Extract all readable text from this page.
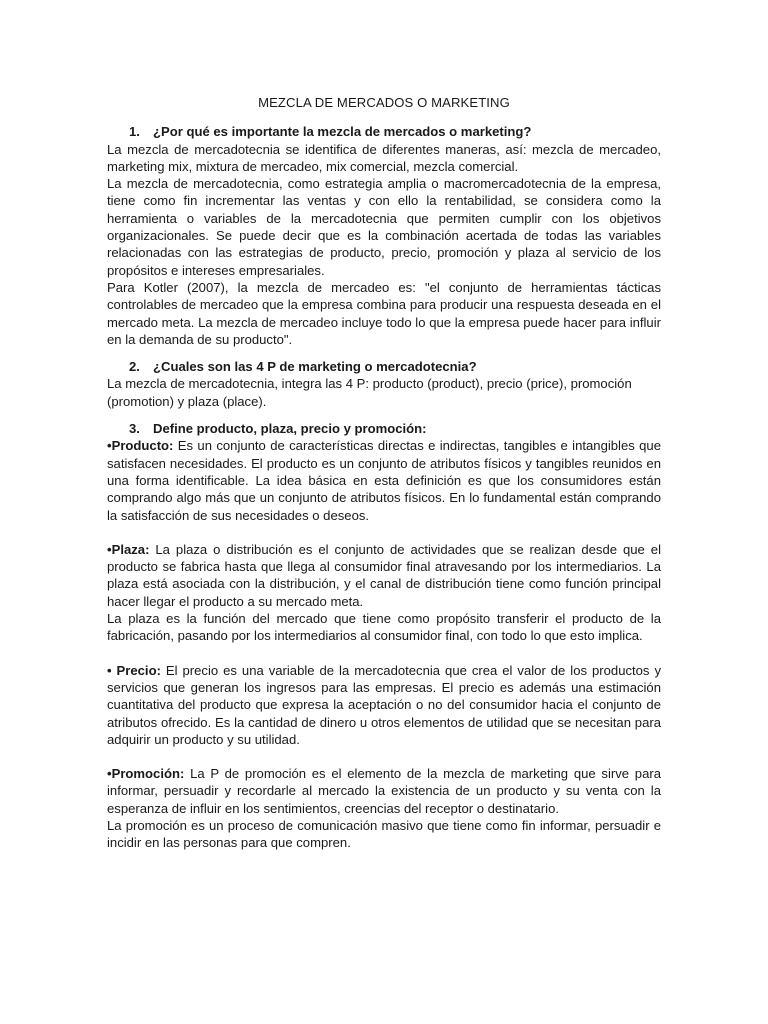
MEZCLA DE MERCADOS O MARKETING

1. ¿Por qué es importante la mezcla de mercados o marketing?

La mezcla de mercadotecnia se identifica de diferentes maneras, así: mezcla de mercadeo, marketing mix, mixtura de mercadeo, mix comercial, mezcla comercial.

La mezcla de mercadotecnia, como estrategia amplia o macromercadotecnia de la empresa, tiene como fin incrementar las ventas y con ello la rentabilidad, se considera como la herramienta o variables de la mercadotecnia que permiten cumplir con los objetivos organizacionales. Se puede decir que es la combinación acertada de todas las variables relacionadas con las estrategias de producto, precio, promoción y plaza al servicio de los propósitos e intereses empresariales.

Para Kotler (2007), la mezcla de mercadeo es: "el conjunto de herramientas tácticas controlables de mercadeo que la empresa combina para producir una respuesta deseada en el mercado meta. La mezcla de mercadeo incluye todo lo que la empresa puede hacer para influir en la demanda de su producto".

2. ¿Cuales son las 4 P de marketing o mercadotecnia?

La mezcla de mercadotecnia, integra las 4 P: producto (product), precio (price), promoción (promotion) y plaza (place).

3. Define producto, plaza, precio y promoción:

•Producto: Es un conjunto de características directas e indirectas, tangibles e intangibles que satisfacen necesidades. El producto es un conjunto de atributos físicos y tangibles reunidos en una forma identificable. La idea básica en esta definición es que los consumidores están comprando algo más que un conjunto de atributos físicos. En lo fundamental están comprando la satisfacción de sus necesidades o deseos.

•Plaza: La plaza o distribución es el conjunto de actividades que se realizan desde que el producto se fabrica hasta que llega al consumidor final atravesando por los intermediarios. La plaza está asociada con la distribución, y el canal de distribución tiene como función principal hacer llegar el producto a su mercado meta.

La plaza es la función del mercado que tiene como propósito transferir el producto de la fabricación, pasando por los intermediarios al consumidor final, con todo lo que esto implica.

• Precio: El precio es una variable de la mercadotecnia que crea el valor de los productos y servicios que generan los ingresos para las empresas. El precio es además una estimación cuantitativa del producto que expresa la aceptación o no del consumidor hacia el conjunto de atributos ofrecido. Es la cantidad de dinero u otros elementos de utilidad que se necesitan para adquirir un producto y su utilidad.

•Promoción: La P de promoción es el elemento de la mezcla de marketing que sirve para informar, persuadir y recordarle al mercado la existencia de un producto y su venta con la esperanza de influir en los sentimientos, creencias del receptor o destinatario.

La promoción es un proceso de comunicación masivo que tiene como fin informar, persuadir e incidir en las personas para que compren.
